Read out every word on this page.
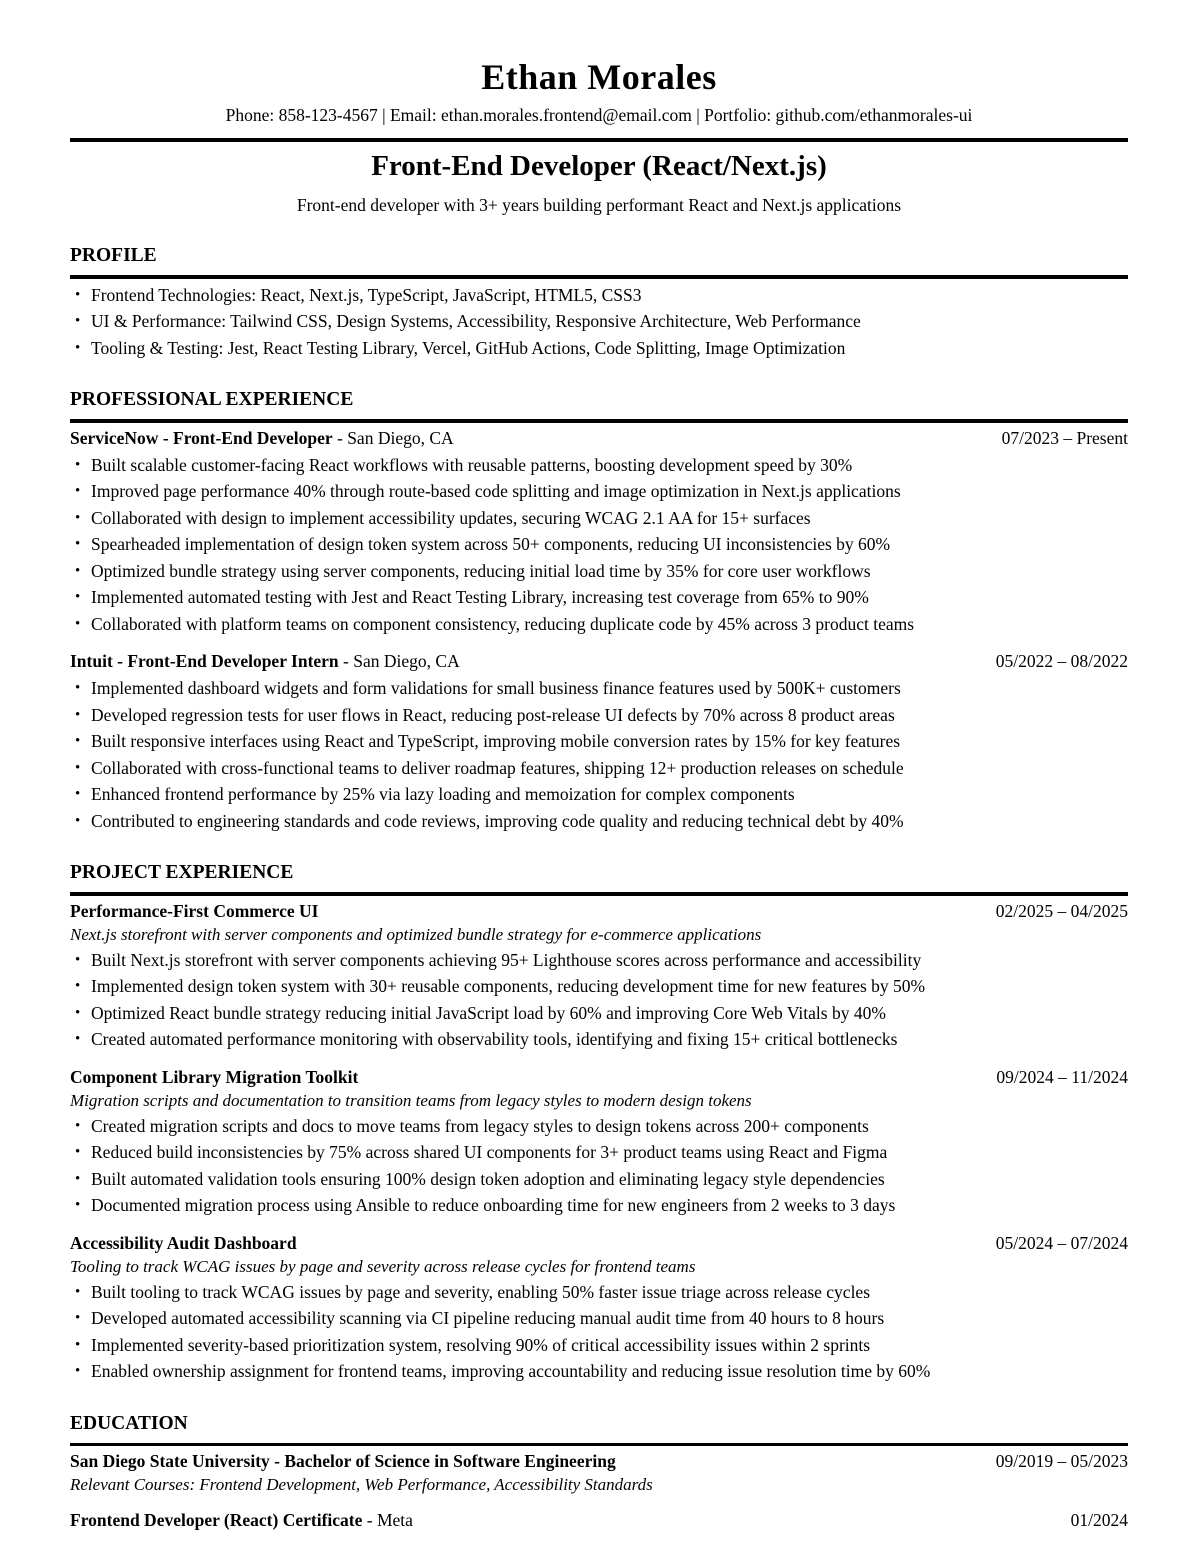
Ethan Morales
Phone: 858-123-4567 | Email: ethan.morales.frontend@email.com | Portfolio: github.com/ethanmorales-ui
Front-End Developer (React/Next.js)
Front-end developer with 3+ years building performant React and Next.js applications
PROFILE
• Frontend Technologies: React, Next.js, TypeScript, JavaScript, HTML5, CSS3
• UI & Performance: Tailwind CSS, Design Systems, Accessibility, Responsive Architecture, Web Performance
• Tooling & Testing: Jest, React Testing Library, Vercel, GitHub Actions, Code Splitting, Image Optimization
PROFESSIONAL EXPERIENCE
ServiceNow - Front-End Developer - San Diego, CA	07/2023 – Present
• Built scalable customer-facing React workflows with reusable patterns, boosting development speed by 30%
• Improved page performance 40% through route-based code splitting and image optimization in Next.js applications
• Collaborated with design to implement accessibility updates, securing WCAG 2.1 AA for 15+ surfaces
• Spearheaded implementation of design token system across 50+ components, reducing UI inconsistencies by 60%
• Optimized bundle strategy using server components, reducing initial load time by 35% for core user workflows
• Implemented automated testing with Jest and React Testing Library, increasing test coverage from 65% to 90%
• Collaborated with platform teams on component consistency, reducing duplicate code by 45% across 3 product teams
Intuit - Front-End Developer Intern - San Diego, CA	05/2022 – 08/2022
• Implemented dashboard widgets and form validations for small business finance features used by 500K+ customers
• Developed regression tests for user flows in React, reducing post-release UI defects by 70% across 8 product areas
• Built responsive interfaces using React and TypeScript, improving mobile conversion rates by 15% for key features
• Collaborated with cross-functional teams to deliver roadmap features, shipping 12+ production releases on schedule
• Enhanced frontend performance by 25% via lazy loading and memoization for complex components
• Contributed to engineering standards and code reviews, improving code quality and reducing technical debt by 40%
PROJECT EXPERIENCE
Performance-First Commerce UI	02/2025 – 04/2025
Next.js storefront with server components and optimized bundle strategy for e-commerce applications
• Built Next.js storefront with server components achieving 95+ Lighthouse scores across performance and accessibility
• Implemented design token system with 30+ reusable components, reducing development time for new features by 50%
• Optimized React bundle strategy reducing initial JavaScript load by 60% and improving Core Web Vitals by 40%
• Created automated performance monitoring with observability tools, identifying and fixing 15+ critical bottlenecks
Component Library Migration Toolkit	09/2024 – 11/2024
Migration scripts and documentation to transition teams from legacy styles to modern design tokens
• Created migration scripts and docs to move teams from legacy styles to design tokens across 200+ components
• Reduced build inconsistencies by 75% across shared UI components for 3+ product teams using React and Figma
• Built automated validation tools ensuring 100% design token adoption and eliminating legacy style dependencies
• Documented migration process using Ansible to reduce onboarding time for new engineers from 2 weeks to 3 days
Accessibility Audit Dashboard	05/2024 – 07/2024
Tooling to track WCAG issues by page and severity across release cycles for frontend teams
• Built tooling to track WCAG issues by page and severity, enabling 50% faster issue triage across release cycles
• Developed automated accessibility scanning via CI pipeline reducing manual audit time from 40 hours to 8 hours
• Implemented severity-based prioritization system, resolving 90% of critical accessibility issues within 2 sprints
• Enabled ownership assignment for frontend teams, improving accountability and reducing issue resolution time by 60%
EDUCATION
San Diego State University - Bachelor of Science in Software Engineering	09/2019 – 05/2023
Relevant Courses: Frontend Development, Web Performance, Accessibility Standards
Frontend Developer (React) Certificate - Meta	01/2024
